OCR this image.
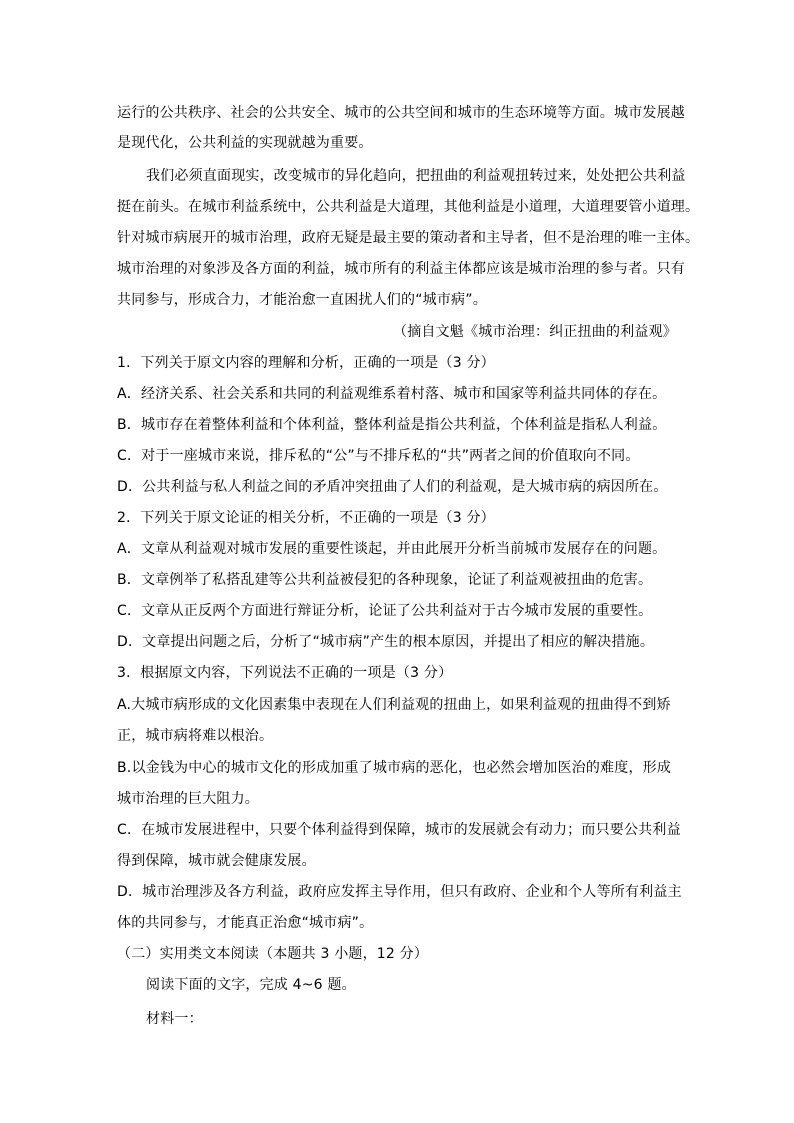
运行的公共秩序、社会的公共安全、城市的公共空间和城市的生态环境等方面。城市发展越
是现代化，公共利益的实现就越为重要。
我们必须直面现实，改变城市的异化趋向，把扭曲的利益观扭转过来，处处把公共利益
挺在前头。在城市利益系统中，公共利益是大道理，其他利益是小道理，大道理要管小道理。
针对城市病展开的城市治理，政府无疑是最主要的策动者和主导者，但不是治理的唯一主体。
城市治理的对象涉及各方面的利益，城市所有的利益主体都应该是城市治理的参与者。只有
共同参与，形成合力，才能治愈一直困扰人们的“城市病”。
（摘自文魁《城市治理：纠正扭曲的利益观》
1．下列关于原文内容的理解和分析，正确的一项是（3 分）
A．经济关系、社会关系和共同的利益观维系着村落、城市和国家等利益共同体的存在。
B．城市存在着整体利益和个体利益，整体利益是指公共利益，个体利益是指私人利益。
C．对于一座城市来说，排斥私的“公”与不排斥私的“共”两者之间的价值取向不同。
D．公共利益与私人利益之间的矛盾冲突扭曲了人们的利益观，是大城市病的病因所在。
2．下列关于原文论证的相关分析，不正确的一项是（3 分）
A．文章从利益观对城市发展的重要性谈起，并由此展开分析当前城市发展存在的问题。
B．文章例举了私搭乱建等公共利益被侵犯的各种现象，论证了利益观被扭曲的危害。
C．文章从正反两个方面进行辩证分析，论证了公共利益对于古今城市发展的重要性。
D．文章提出问题之后，分析了“城市病”产生的根本原因，并提出了相应的解决措施。
3．根据原文内容，下列说法不正确的一项是（3 分）
A.大城市病形成的文化因素集中表现在人们利益观的扭曲上，如果利益观的扭曲得不到矫
正，城市病将难以根治。
B.以金钱为中心的城市文化的形成加重了城市病的恶化，也必然会增加医治的难度，形成
城市治理的巨大阻力。
C．在城市发展进程中，只要个体利益得到保障，城市的发展就会有动力；而只要公共利益
得到保障，城市就会健康发展。
D．城市治理涉及各方利益，政府应发挥主导作用，但只有政府、企业和个人等所有利益主
体的共同参与，才能真正治愈“城市病”。
（二）实用类文本阅读（本题共 3 小题，12 分）
阅读下面的文字，完成 4~6 题。
材料一：
